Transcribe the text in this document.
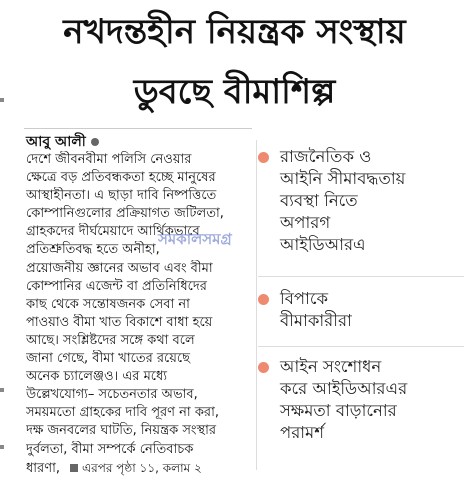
নখদন্তহীন নিয়ন্ত্রক সংস্থায়
ডুবছে বীমাশিল্প
আবু আলী
দেশে জীবনবীমা পলিসি নেওয়ার
ক্ষেত্রে বড় প্রতিবন্ধকতা হচ্ছে মানুষের
আস্থাহীনতা। এ ছাড়া দাবি নিষ্পত্তিতে
কোম্পানিগুলোর প্রক্রিয়াগত জটিলতা,
গ্রাহকদের দীর্ঘমেয়াদে আর্থিকভাবে
প্রতিশ্রুতিবদ্ধ হতে অনীহা,
প্রয়োজনীয় জ্ঞানের অভাব এবং বীমা
কোম্পানির এজেন্ট বা প্রতিনিধিদের
কাছ থেকে সন্তোষজনক সেবা না
পাওয়াও বীমা খাত বিকাশে বাধা হয়ে
আছে। সংশ্লিষ্টদের সঙ্গে কথা বলে
জানা গেছে, বীমা খাতের রয়েছে
অনেক চ্যালেঞ্জও। এর মধ্যে
উল্লেখযোগ্য– সচেতনতার অভাব,
সময়মতো গ্রাহকের দাবি পূরণ না করা,
দক্ষ জনবলের ঘাটতি, নিয়ন্ত্রক সংস্থার
দুর্বলতা, বীমা সম্পর্কে নেতিবাচক
ধারণা, এরপর পৃষ্ঠা ১১, কলাম ২
সমকালসমগ্র
রাজনৈতিক ও
আইনি সীমাবদ্ধতায়
ব্যবস্থা নিতে
অপারগ
আইডিআরএ
বিপাকে
বীমাকারীরা
আইন সংশোধন
করে আইডিআরএর
সক্ষমতা বাড়ানোর
পরামর্শ
